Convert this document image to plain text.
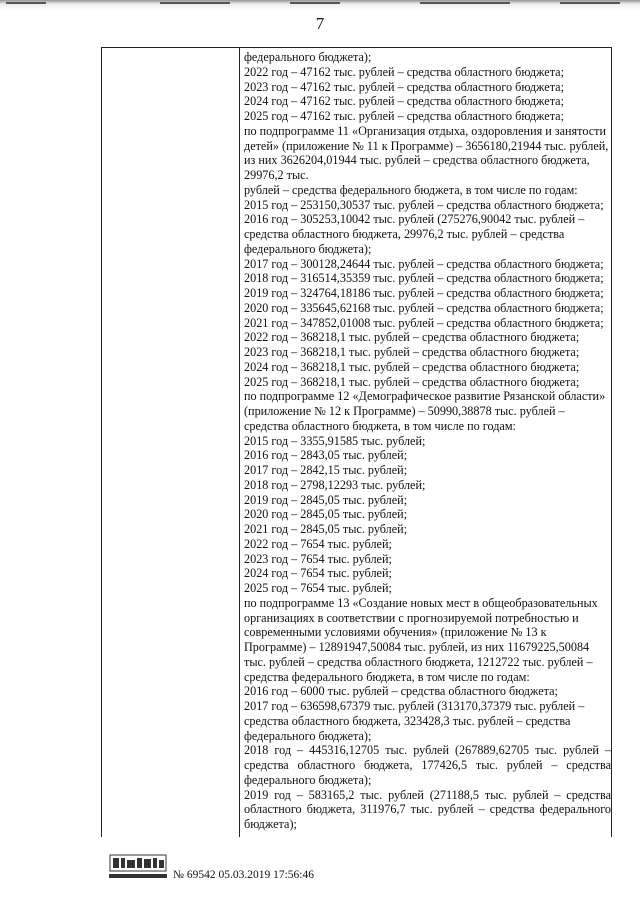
7
федерального бюджета);
2022 год – 47162 тыс. рублей – средства областного бюджета;
2023 год – 47162 тыс. рублей – средства областного бюджета;
2024 год – 47162 тыс. рублей – средства областного бюджета;
2025 год – 47162 тыс. рублей – средства областного бюджета;
по подпрограмме 11 «Организация отдыха, оздоровления и занятости
детей» (приложение № 11 к Программе) – 3656180,21944 тыс. рублей,
из них 3626204,01944 тыс. рублей – средства областного бюджета,
29976,2 тыс.
рублей – средства федерального бюджета, в том числе по годам:
2015 год – 253150,30537 тыс. рублей – средства областного бюджета;
2016 год – 305253,10042 тыс. рублей (275276,90042 тыс. рублей –
средства областного бюджета, 29976,2 тыс. рублей – средства
федерального бюджета);
2017 год – 300128,24644 тыс. рублей – средства областного бюджета;
2018 год – 316514,35359 тыс. рублей – средства областного бюджета;
2019 год – 324764,18186 тыс. рублей – средства областного бюджета;
2020 год – 335645,62168 тыс. рублей – средства областного бюджета;
2021 год – 347852,01008 тыс. рублей – средства областного бюджета;
2022 год – 368218,1 тыс. рублей – средства областного бюджета;
2023 год – 368218,1 тыс. рублей – средства областного бюджета;
2024 год – 368218,1 тыс. рублей – средства областного бюджета;
2025 год – 368218,1 тыс. рублей – средства областного бюджета;
по подпрограмме 12 «Демографическое развитие Рязанской области»
(приложение № 12 к Программе) – 50990,38878 тыс. рублей –
средства областного бюджета, в том числе по годам:
2015 год – 3355,91585 тыс. рублей;
2016 год – 2843,05 тыс. рублей;
2017 год – 2842,15 тыс. рублей;
2018 год – 2798,12293 тыс. рублей;
2019 год – 2845,05 тыс. рублей;
2020 год – 2845,05 тыс. рублей;
2021 год – 2845,05 тыс. рублей;
2022 год – 7654 тыс. рублей;
2023 год – 7654 тыс. рублей;
2024 год – 7654 тыс. рублей;
2025 год – 7654 тыс. рублей;
по подпрограмме 13 «Создание новых мест в общеобразовательных
организациях в соответствии с прогнозируемой потребностью и
современными условиями обучения» (приложение № 13 к
Программе) – 12891947,50084 тыс. рублей, из них 11679225,50084
тыс. рублей – средства областного бюджета, 1212722 тыс. рублей –
средства федерального бюджета, в том числе по годам:
2016 год – 6000 тыс. рублей – средства областного бюджета;
2017 год – 636598,67379 тыс. рублей (313170,37379 тыс. рублей –
средства областного бюджета, 323428,3 тыс. рублей – средства
федерального бюджета);
2018 год – 445316,12705 тыс. рублей (267889,62705 тыс. рублей –
средства областного бюджета, 177426,5 тыс. рублей – средства
федерального бюджета);
2019 год – 583165,2 тыс. рублей (271188,5 тыс. рублей – средства
областного бюджета, 311976,7 тыс. рублей – средства федерального
бюджета);
№ 69542 05.03.2019 17:56:46
